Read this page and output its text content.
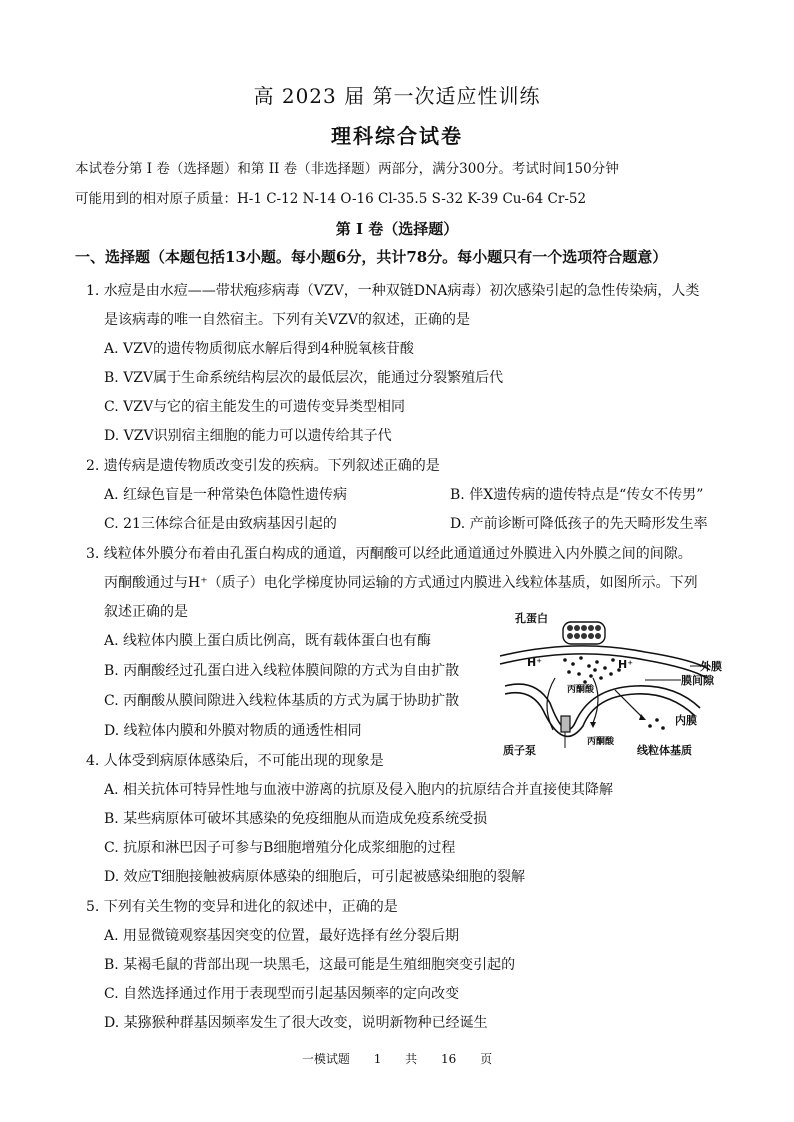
高 2023 届 第一次适应性训练
理科综合试卷
本试卷分第 I 卷（选择题）和第 II 卷（非选择题）两部分，满分300分。考试时间150分钟
可能用到的相对原子质量：H-1 C-12 N-14 O-16 Cl-35.5 S-32 K-39 Cu-64 Cr-52
第 I 卷（选择题）
一、选择题（本题包括13小题。每小题6分，共计78分。每小题只有一个选项符合题意）
1. 水痘是由水痘——带状疱疹病毒（VZV，一种双链DNA病毒）初次感染引起的急性传染病，人类
是该病毒的唯一自然宿主。下列有关VZV的叙述，正确的是
A. VZV的遗传物质彻底水解后得到4种脱氧核苷酸
B. VZV属于生命系统结构层次的最低层次，能通过分裂繁殖后代
C. VZV与它的宿主能发生的可遗传变异类型相同
D. VZV识别宿主细胞的能力可以遗传给其子代
2. 遗传病是遗传物质改变引发的疾病。下列叙述正确的是
A. 红绿色盲是一种常染色体隐性遗传病	B. 伴X遗传病的遗传特点是“传女不传男”
C. 21三体综合征是由致病基因引起的	D. 产前诊断可降低孩子的先天畸形发生率
3. 线粒体外膜分布着由孔蛋白构成的通道，丙酮酸可以经此通道通过外膜进入内外膜之间的间隙。
丙酮酸通过与H⁺（质子）电化学梯度协同运输的方式通过内膜进入线粒体基质，如图所示。下列
叙述正确的是
A. 线粒体内膜上蛋白质比例高，既有载体蛋白也有酶
B. 丙酮酸经过孔蛋白进入线粒体膜间隙的方式为自由扩散
C. 丙酮酸从膜间隙进入线粒体基质的方式为属于协助扩散
D. 线粒体内膜和外膜对物质的通透性相同
孔蛋白
外膜
H⁺	H⁺
膜间隙
丙酮酸
内膜
质子泵
丙酮酸
线粒体基质
4. 人体受到病原体感染后，不可能出现的现象是
A. 相关抗体可特异性地与血液中游离的抗原及侵入胞内的抗原结合并直接使其降解
B. 某些病原体可破坏其感染的免疫细胞从而造成免疫系统受损
C. 抗原和淋巴因子可参与B细胞增殖分化成浆细胞的过程
D. 效应T细胞接触被病原体感染的细胞后，可引起被感染细胞的裂解
5. 下列有关生物的变异和进化的叙述中，正确的是
A. 用显微镜观察基因突变的位置，最好选择有丝分裂后期
B. 某褐毛鼠的背部出现一块黑毛，这最可能是生殖细胞突变引起的
C. 自然选择通过作用于表现型而引起基因频率的定向改变
D. 某猕猴种群基因频率发生了很大改变，说明新物种已经诞生
一模试题 1 共 16 页
